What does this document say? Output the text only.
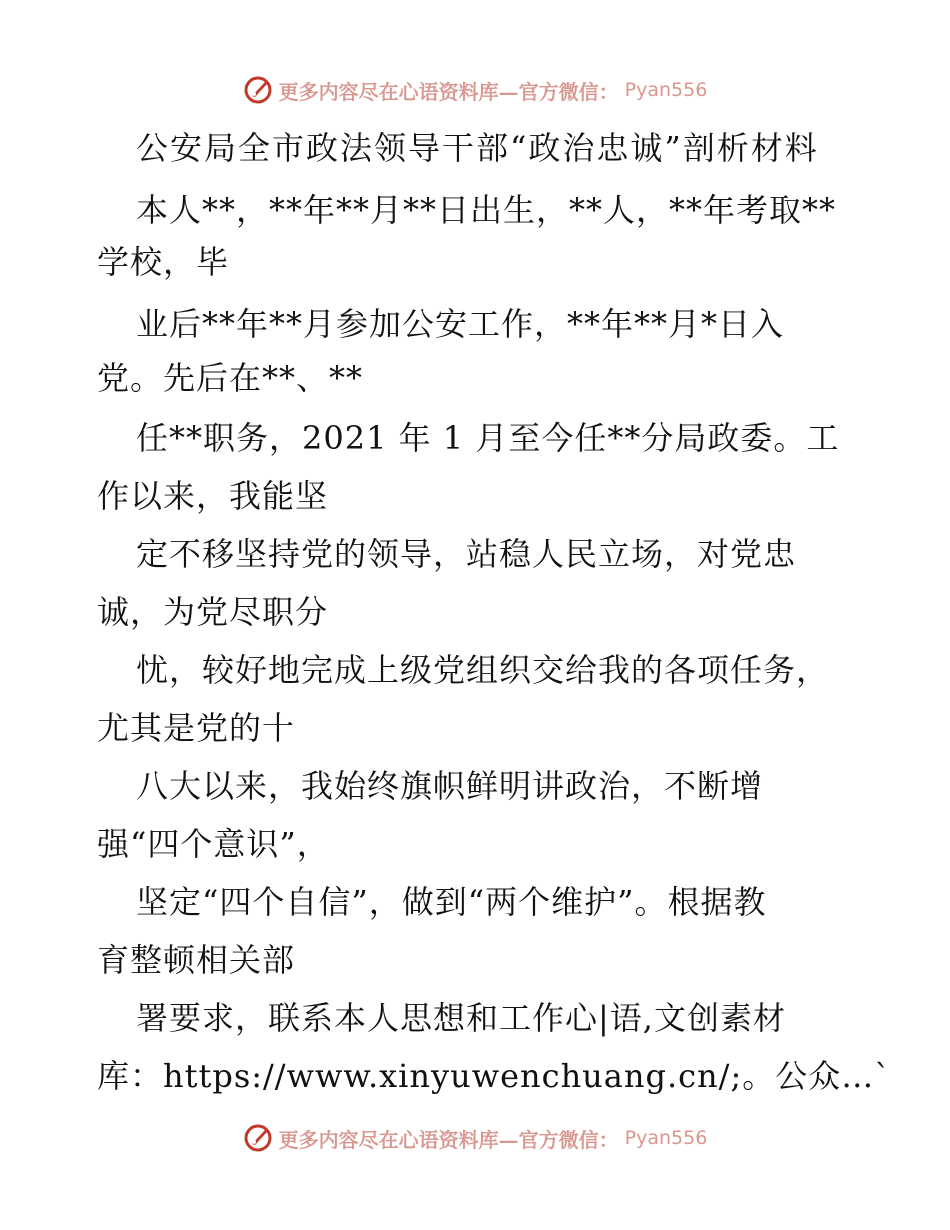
更多内容尽在心语资料库—官方微信： Pyan556
公安局全市政法领导干部“政治忠诚”剖析材料
本人**，**年**月**日出生，**人，**年考取**
学校，毕
业后**年**月参加公安工作，**年**月*日入
党。先后在**、**
任**职务，2021 年 1 月至今任**分局政委。工
作以来，我能坚
定不移坚持党的领导，站稳人民立场，对党忠
诚，为党尽职分
忧，较好地完成上级党组织交给我的各项任务，
尤其是党的十
八大以来，我始终旗帜鲜明讲政治，不断增
强“四个意识”，
坚定“四个自信”，做到“两个维护”。根据教
育整顿相关部
署要求，联系本人思想和工作心|语,文创素材
库：https://www.xinyuwenchuang.cn/;。公众…`
更多内容尽在心语资料库—官方微信： Pyan556
